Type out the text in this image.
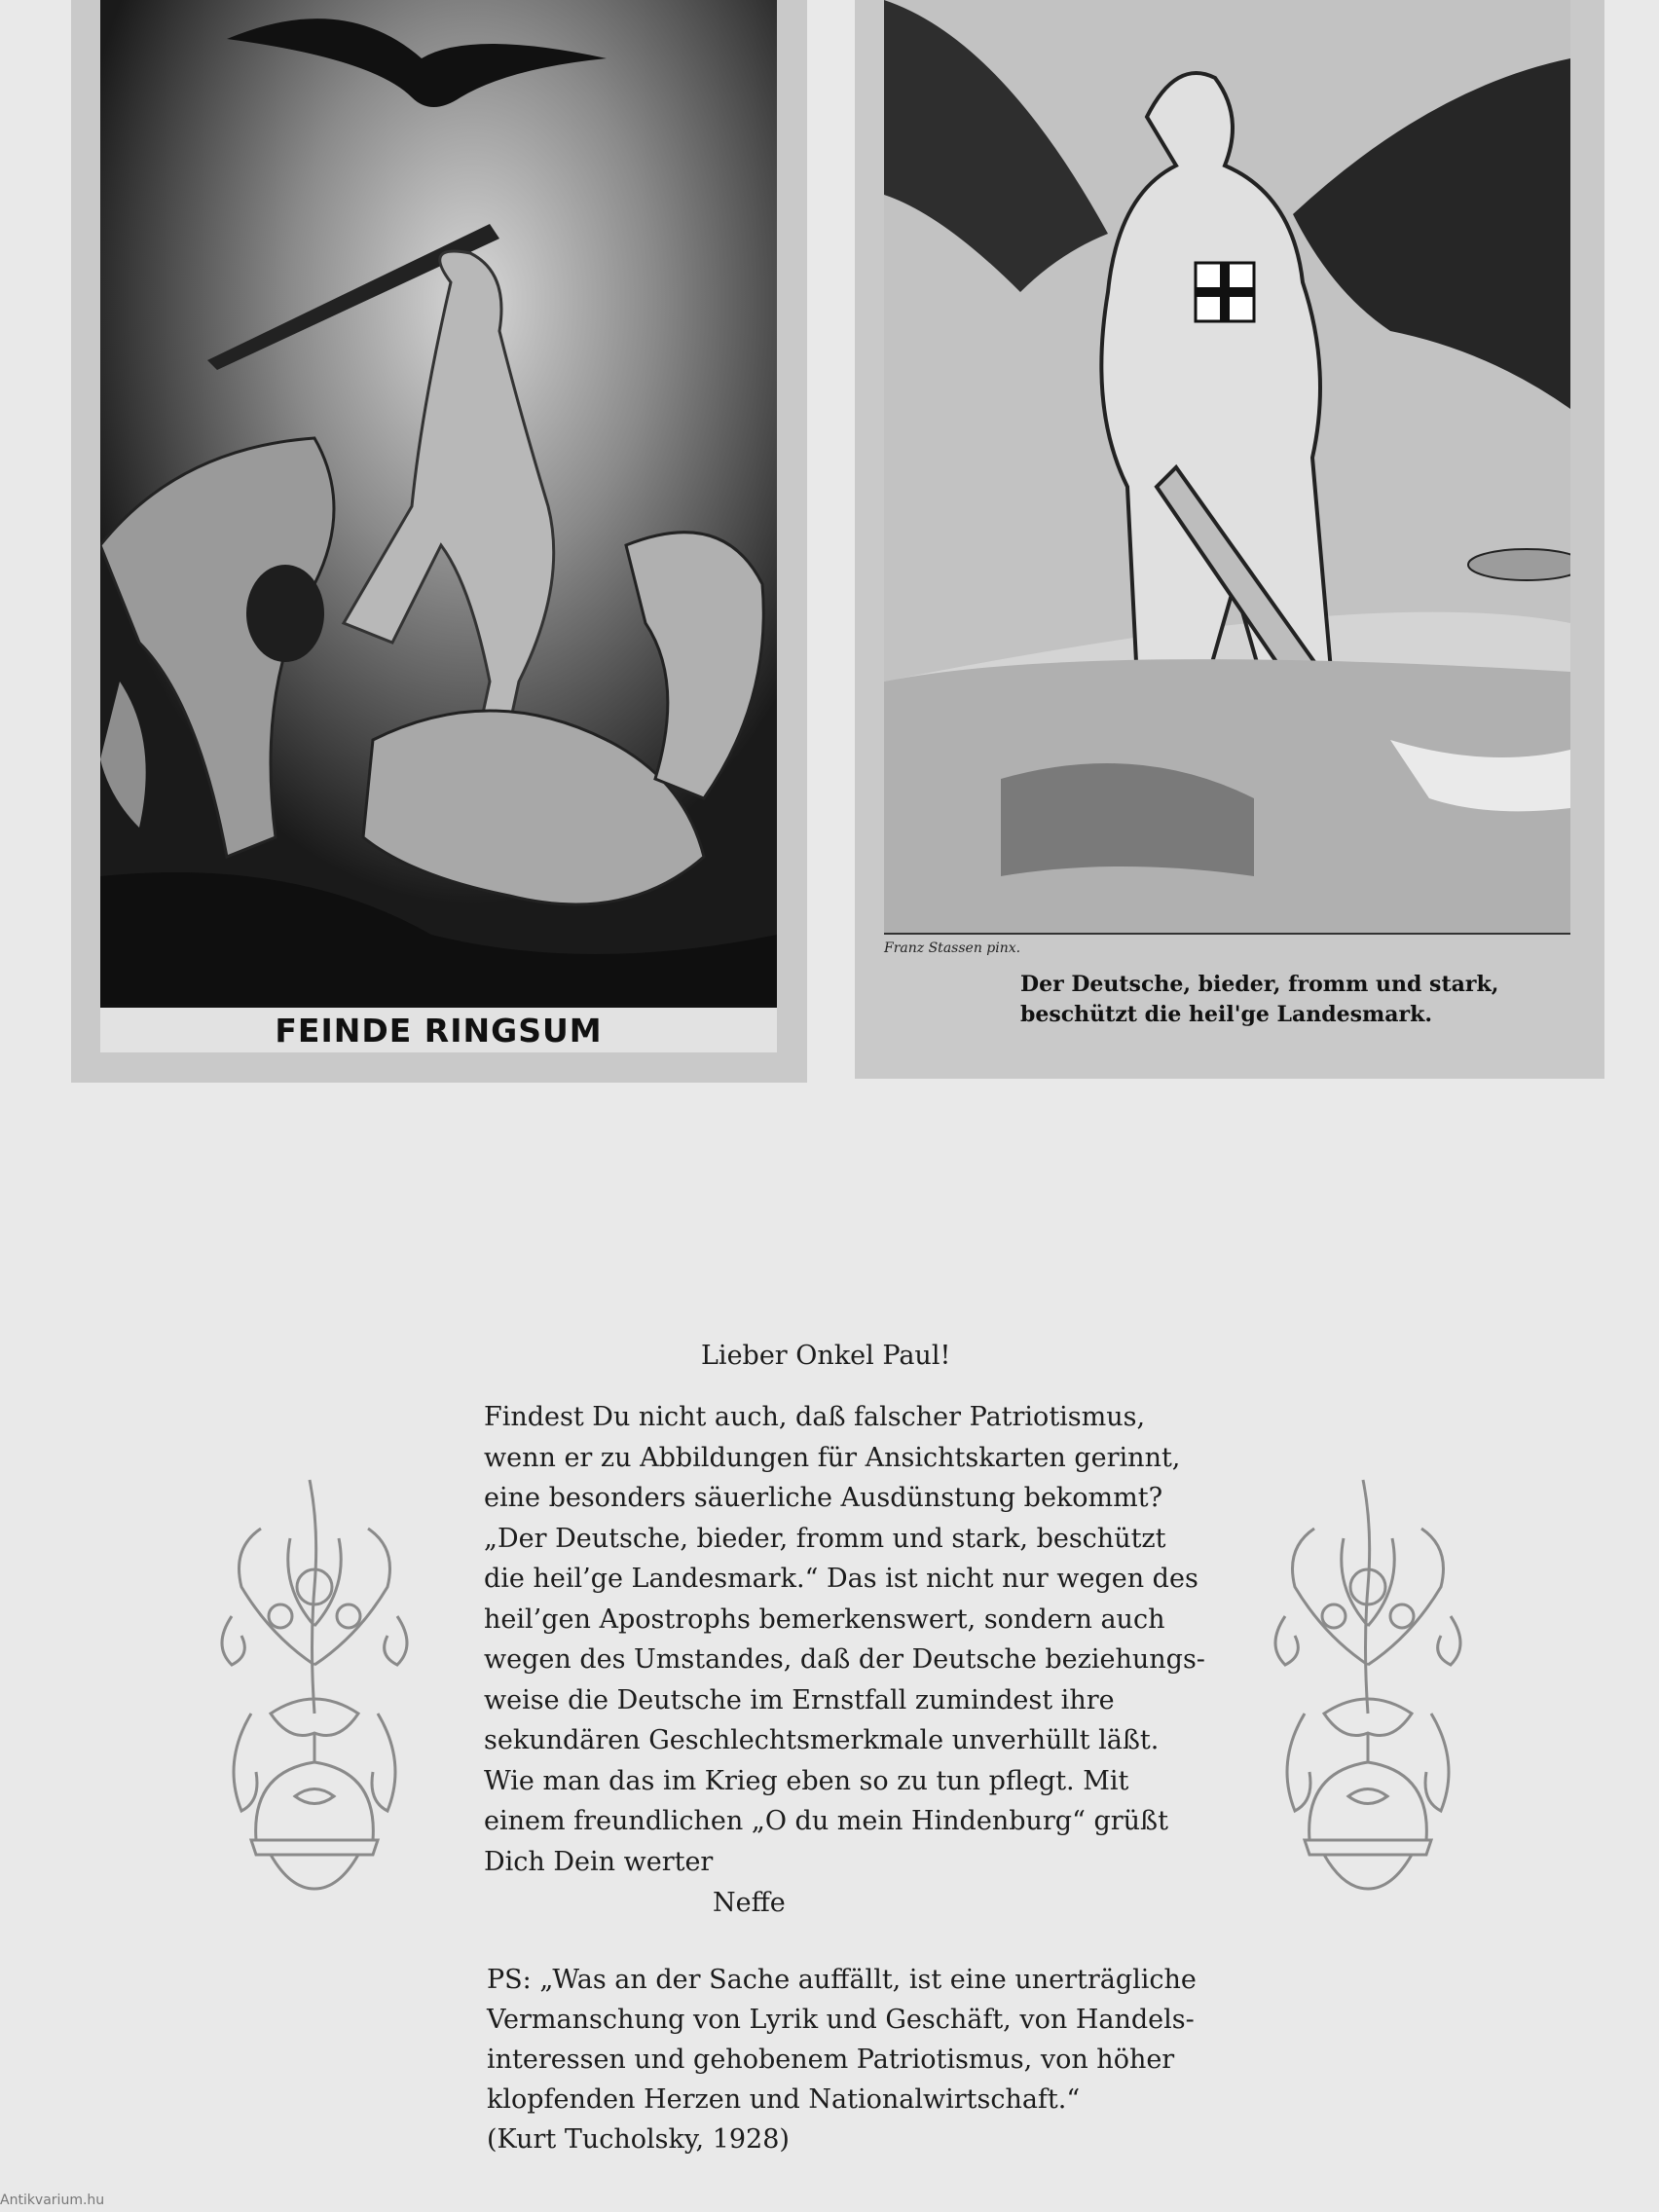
FEINDE RINGSUM
Franz Stassen pinx.
Der Deutsche, bieder, fromm und stark,
beschützt die heil'ge Landesmark.
Lieber Onkel Paul!
Findest Du nicht auch, daß falscher Patriotismus,
wenn er zu Abbildungen für Ansichtskarten gerinnt,
eine besonders säuerliche Ausdünstung bekommt?
„Der Deutsche, bieder, fromm und stark, beschützt
die heil’ge Landesmark.“ Das ist nicht nur wegen des
heil’gen Apostrophs bemerkenswert, sondern auch
wegen des Umstandes, daß der Deutsche beziehungs-
weise die Deutsche im Ernstfall zumindest ihre
sekundären Geschlechtsmerkmale unverhüllt läßt.
Wie man das im Krieg eben so zu tun pflegt. Mit
einem freundlichen „O du mein Hindenburg“ grüßt
Dich Dein werter
Neffe
PS: „Was an der Sache auffällt, ist eine unerträgliche
Vermanschung von Lyrik und Geschäft, von Handels-
interessen und gehobenem Patriotismus, von höher
klopfenden Herzen und Nationalwirtschaft.“
(Kurt Tucholsky, 1928)
Antikvarium.hu
